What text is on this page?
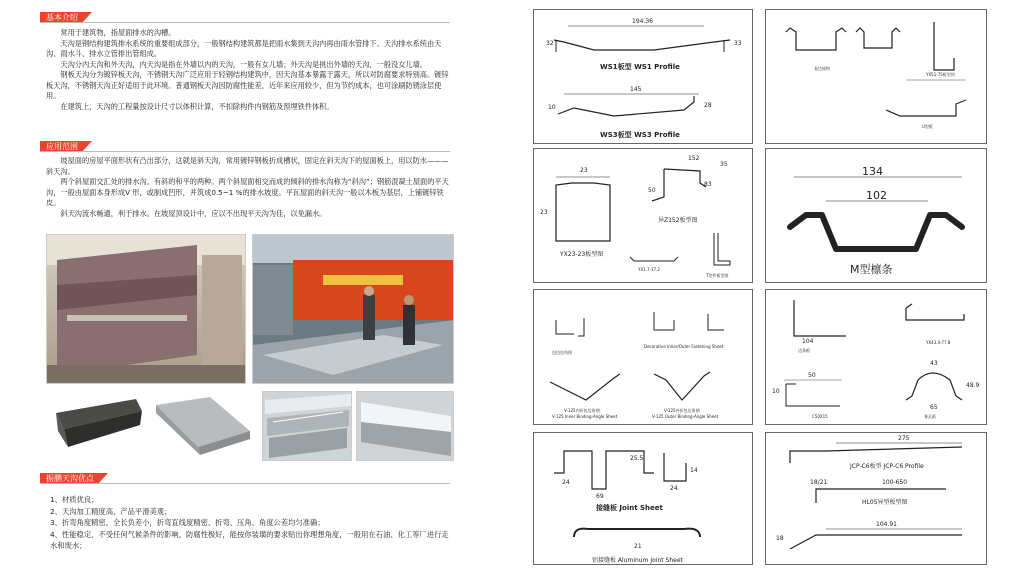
基本介绍

常用于建筑物，指屋面排水的沟槽。

天沟是钢结构建筑排水系统的重要组成部分，一般钢结构建筑都是把雨水集到天沟内再由雨水管排下。天沟排水系统由天沟、雨水斗、排水立管排出管组成。

天沟分内天沟和外天沟，内天沟是指在外墙以内的天沟，一般有女儿墙；外天沟是挑出外墙的天沟，一般没女儿墙。

钢板天沟分为镀锌板天沟，不锈钢天沟广泛应用于轻钢结构建筑中，因天沟基本暴露于露天，所以对防腐要求特别高。镀锌板天沟，不锈钢天沟正好适用于此环境。普通钢板天沟因防腐性能差，近年来应用较少，但为节约成本，也可涂刷防锈涂层使用。

在建筑上，天沟的工程量按设计尺寸以体积计算，不扣除构件内钢筋及预埋铁件体积。

应用范围

坡屋面的房屋平面形状有凸出部分，这就是斜天沟，常用镀锌钢板折成槽状，固定在斜天沟下的屋面板上，用以防水———斜天沟。

两个斜屋面交汇处的排水沟。有斜的和平的两种。两个斜屋面相交而成的倾斜的排水沟称为“斜沟”；钢筋混凝土屋面的平天沟，一般由屋面本身形成V 形，或制成凹形，并筑成0.5~1 %的排水坡度。平瓦屋面的斜天沟一般以木板为基层，上铺镀锌铁皮。

斜天沟流水畅通，利于排水。在坡屋顶设计中，应以不出现平天沟为佳，以免漏水。

振鹏天沟优点
1、材质优良；
2、天沟加工精度高，产品平滑美观；
3、折弯角度精密，全长负差小，折弯直线度精密、折弯、压角、角度公差均匀准确；
4、性能稳定、不受任何气候条件的影响，防腐性极好，能按你装璜的要求贴出你理想角度，一般用在石油、化工等厂进行走水和废水；
194.36
32	33
WS1板型 WS1 Profile
145
10	28
WS3板型 WS3 Profile
卷边规格
YX51-75板型图
U型板
23
23
YX23-23板型图
152
35
50
83
异Z152板型图
YX1.7-17.2
T型件板型图
134
102
M型檩条
包边包角图
Decorative Inner/Outer Fastening Sheet
V-125内折包边角钢
V-125 Inner Binding-Angle Sheet
V-125外折包边角钢
V-125 Outer Binding-Angle Sheet
104
边条板
YX43.4-77.8
50
10
C50X15
43
48.9
65
脊瓦板
25.5
24
69
14
24
接缝板 Joint Sheet
21
铝接缝板 Aluminum Joint Sheet
275
JCP-C6板型 JCP-C6 Profile
18/21	100-650
HL05异型板型图
104.91
18
